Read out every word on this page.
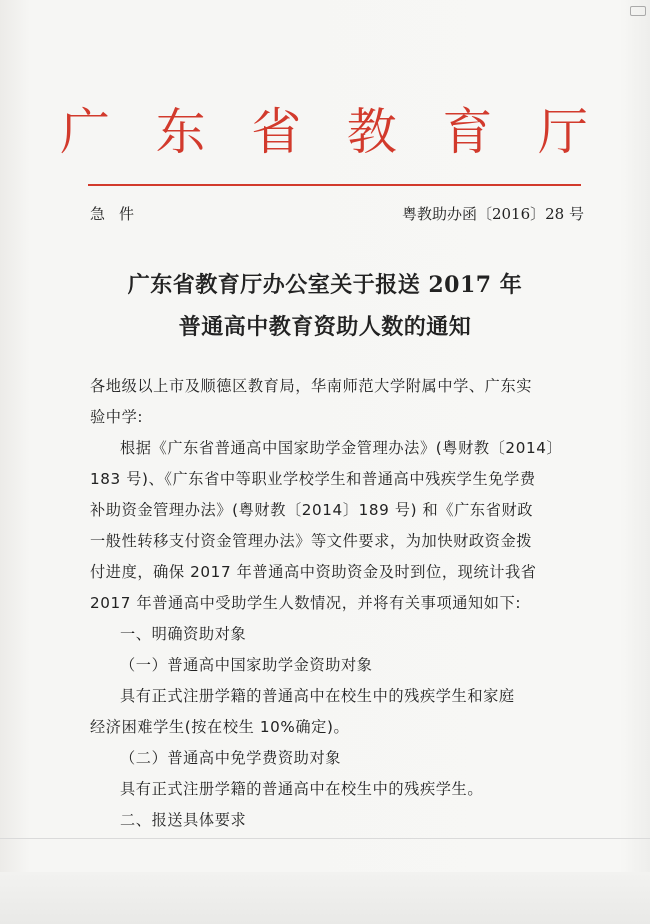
广 东 省 教 育 厅
急件	粤教助办函〔2016〕28 号
广东省教育厅办公室关于报送 2017 年
普通高中教育资助人数的通知
各地级以上市及顺德区教育局，华南师范大学附属中学、广东实
验中学:
根据《广东省普通高中国家助学金管理办法》(粤财教〔2014〕
183 号)、《广东省中等职业学校学生和普通高中残疾学生免学费
补助资金管理办法》(粤财教〔2014〕189 号) 和《广东省财政
一般性转移支付资金管理办法》等文件要求，为加快财政资金拨
付进度，确保 2017 年普通高中资助资金及时到位，现统计我省
2017 年普通高中受助学生人数情况，并将有关事项通知如下:
一、明确资助对象
（一）普通高中国家助学金资助对象
具有正式注册学籍的普通高中在校生中的残疾学生和家庭
经济困难学生(按在校生 10%确定)。
（二）普通高中免学费资助对象
具有正式注册学籍的普通高中在校生中的残疾学生。
二、报送具体要求
